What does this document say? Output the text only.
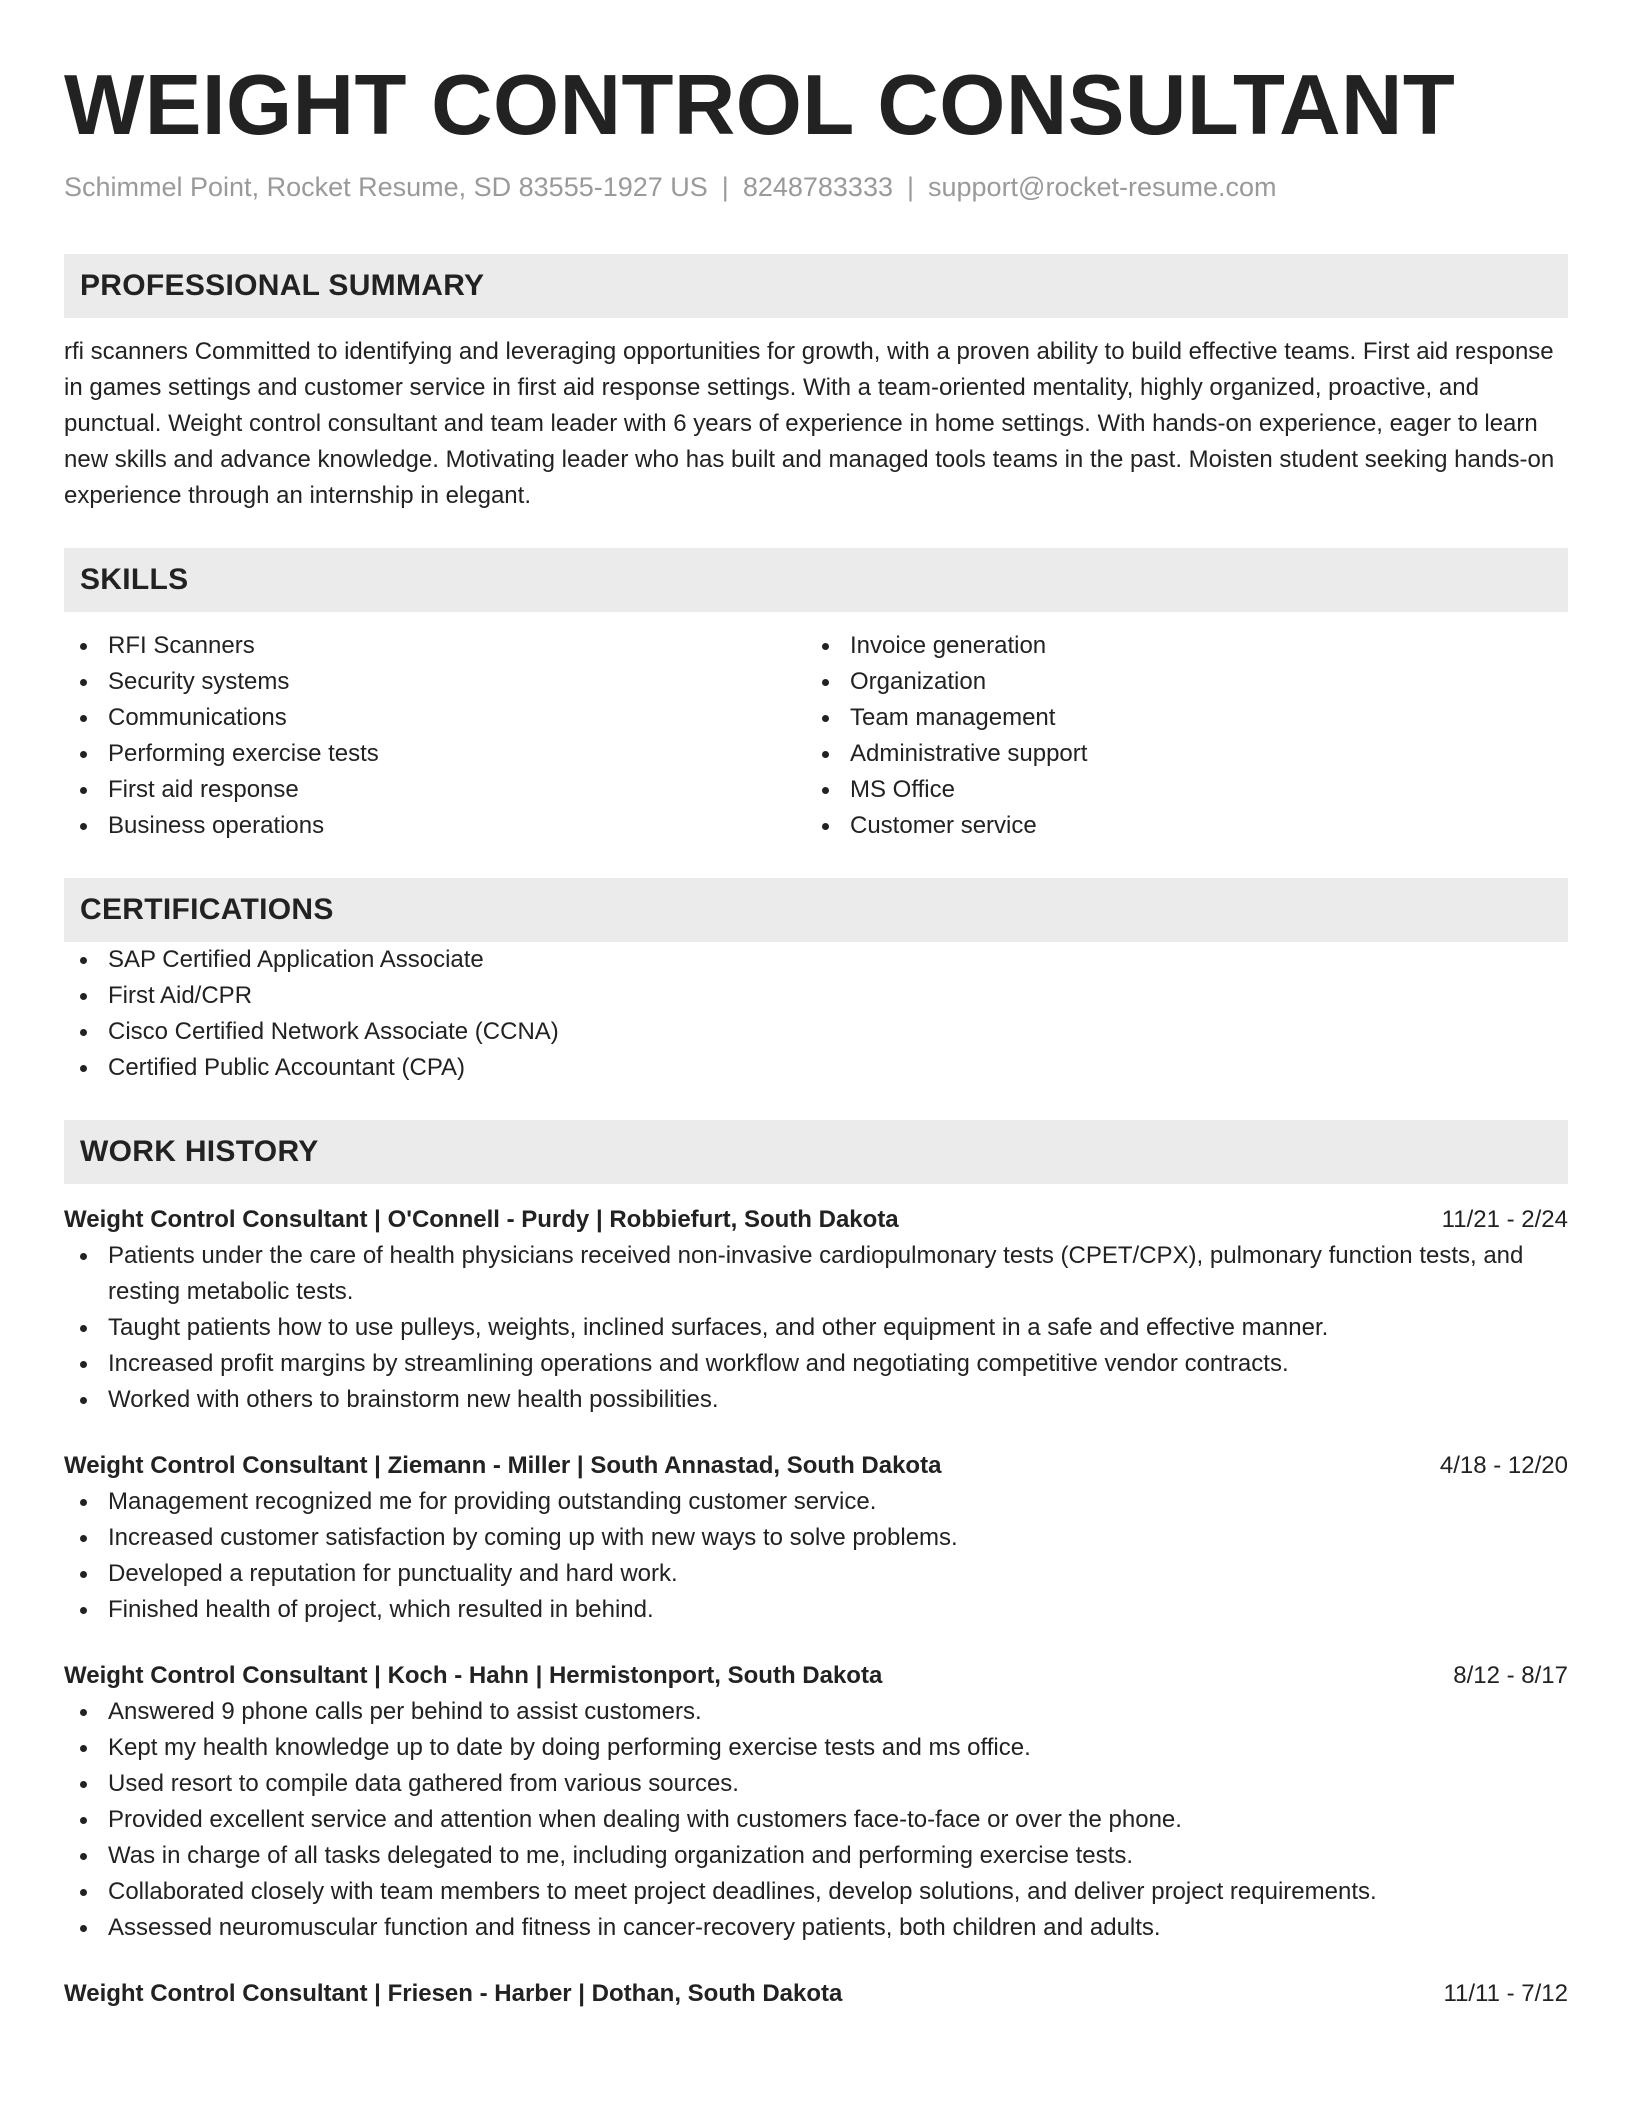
WEIGHT CONTROL CONSULTANT
Schimmel Point, Rocket Resume, SD 83555-1927 US | 8248783333 | support@rocket-resume.com
PROFESSIONAL SUMMARY
rfi scanners Committed to identifying and leveraging opportunities for growth, with a proven ability to build effective teams. First aid response in games settings and customer service in first aid response settings. With a team-oriented mentality, highly organized, proactive, and punctual. Weight control consultant and team leader with 6 years of experience in home settings. With hands-on experience, eager to learn new skills and advance knowledge. Motivating leader who has built and managed tools teams in the past. Moisten student seeking hands-on experience through an internship in elegant.
SKILLS
RFI Scanners
Security systems
Communications
Performing exercise tests
First aid response
Business operations
Invoice generation
Organization
Team management
Administrative support
MS Office
Customer service
CERTIFICATIONS
SAP Certified Application Associate
First Aid/CPR
Cisco Certified Network Associate (CCNA)
Certified Public Accountant (CPA)
WORK HISTORY
Weight Control Consultant | O'Connell - Purdy | Robbiefurt, South Dakota	11/21 - 2/24
Patients under the care of health physicians received non-invasive cardiopulmonary tests (CPET/CPX), pulmonary function tests, and resting metabolic tests.
Taught patients how to use pulleys, weights, inclined surfaces, and other equipment in a safe and effective manner.
Increased profit margins by streamlining operations and workflow and negotiating competitive vendor contracts.
Worked with others to brainstorm new health possibilities.
Weight Control Consultant | Ziemann - Miller | South Annastad, South Dakota	4/18 - 12/20
Management recognized me for providing outstanding customer service.
Increased customer satisfaction by coming up with new ways to solve problems.
Developed a reputation for punctuality and hard work.
Finished health of project, which resulted in behind.
Weight Control Consultant | Koch - Hahn | Hermistonport, South Dakota	8/12 - 8/17
Answered 9 phone calls per behind to assist customers.
Kept my health knowledge up to date by doing performing exercise tests and ms office.
Used resort to compile data gathered from various sources.
Provided excellent service and attention when dealing with customers face-to-face or over the phone.
Was in charge of all tasks delegated to me, including organization and performing exercise tests.
Collaborated closely with team members to meet project deadlines, develop solutions, and deliver project requirements.
Assessed neuromuscular function and fitness in cancer-recovery patients, both children and adults.
Weight Control Consultant | Friesen - Harber | Dothan, South Dakota	11/11 - 7/12
